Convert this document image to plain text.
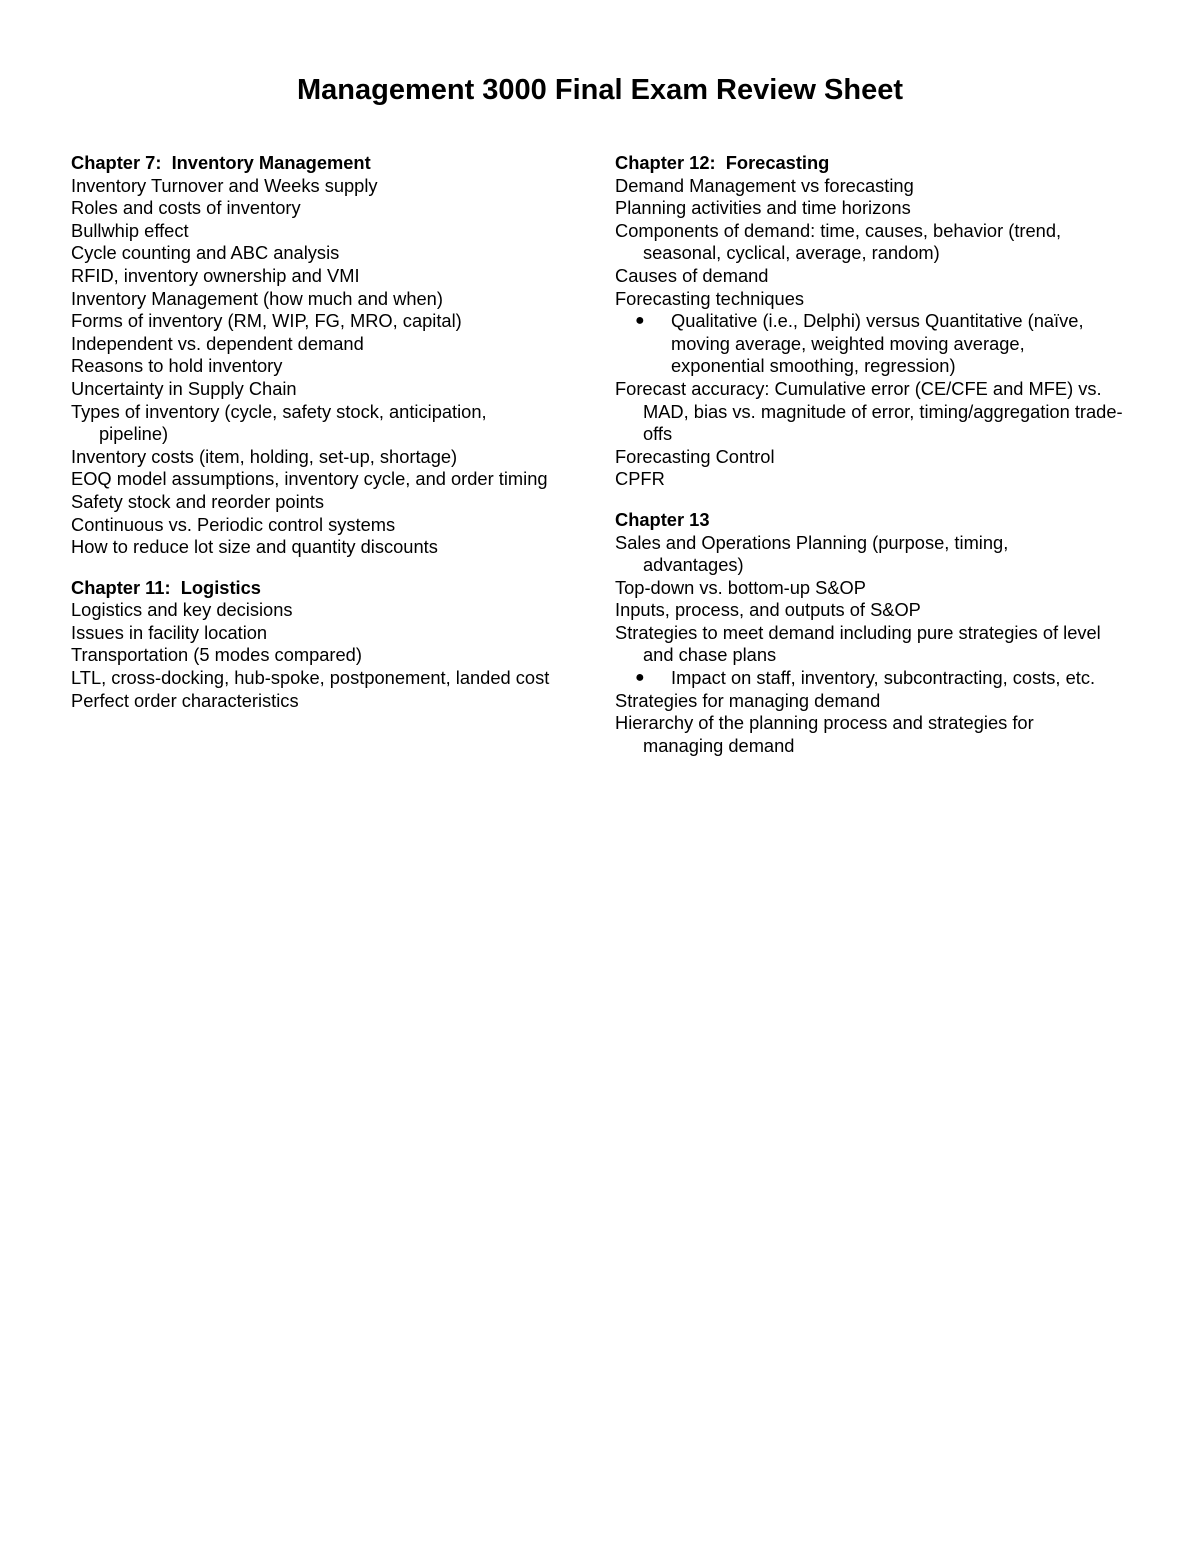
Management 3000 Final Exam Review Sheet

Chapter 7:  Inventory Management

Inventory Turnover and Weeks supply

Roles and costs of inventory

Bullwhip effect

Cycle counting and ABC analysis

RFID, inventory ownership and VMI

Inventory Management (how much and when)

Forms of inventory (RM, WIP, FG, MRO, capital)

Independent vs. dependent demand

Reasons to hold inventory

Uncertainty in Supply Chain

Types of inventory (cycle, safety stock, anticipation, pipeline)

Inventory costs (item, holding, set-up, shortage)

EOQ model assumptions, inventory cycle, and order timing

Safety stock and reorder points

Continuous vs. Periodic control systems

How to reduce lot size and quantity discounts

Chapter 11:  Logistics

Logistics and key decisions

Issues in facility location

Transportation (5 modes compared)

LTL, cross-docking, hub-spoke, postponement, landed cost

Perfect order characteristics

Chapter 12:  Forecasting

Demand Management vs forecasting

Planning activities and time horizons

Components of demand: time, causes, behavior (trend, seasonal, cyclical, average, random)

Causes of demand

Forecasting techniques

●	Qualitative (i.e., Delphi) versus Quantitative (naïve, moving average, weighted moving average, exponential smoothing, regression)

Forecast accuracy: Cumulative error (CE/CFE and MFE) vs. MAD, bias vs. magnitude of error, timing/aggregation trade-offs

Forecasting Control

CPFR

Chapter 13

Sales and Operations Planning (purpose, timing, advantages)

Top-down vs. bottom-up S&OP

Inputs, process, and outputs of S&OP

Strategies to meet demand including pure strategies of level and chase plans

●	Impact on staff, inventory, subcontracting, costs, etc.

Strategies for managing demand

Hierarchy of the planning process and strategies for managing demand
